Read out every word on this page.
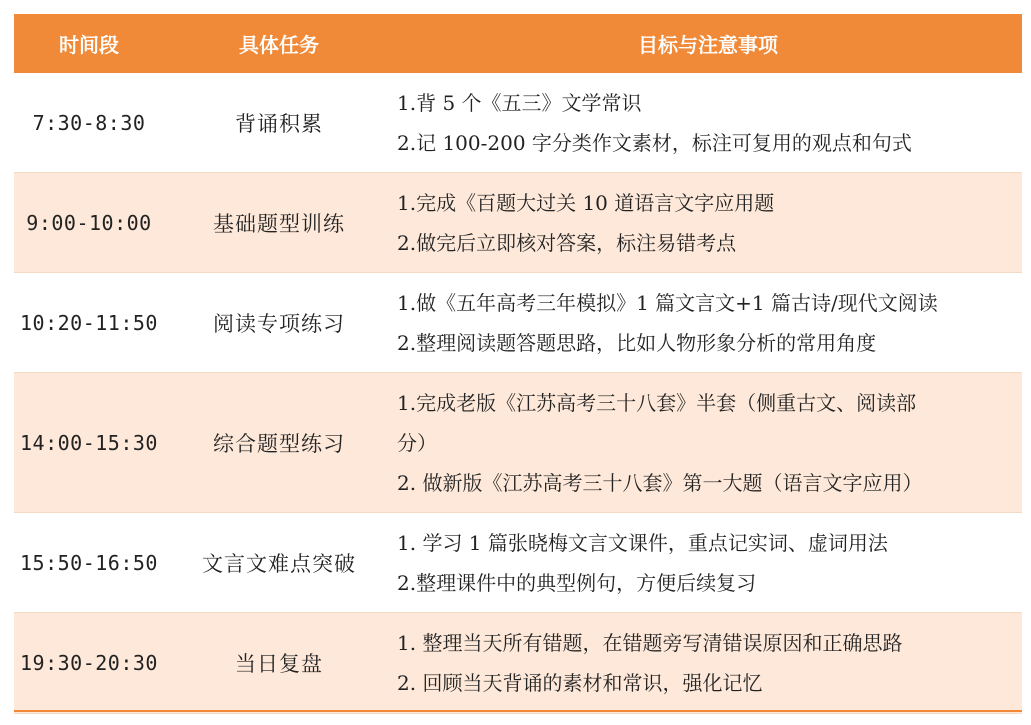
时间段	具体任务	目标与注意事项
7:30-8:30	背诵积累
1.背 5 个《五三》文学常识
2.记 100-200 字分类作文素材，标注可复用的观点和句式
9:00-10:00	基础题型训练
1.完成《百题大过关 10 道语言文字应用题
2.做完后立即核对答案，标注易错考点
10:20-11:50	阅读专项练习
1.做《五年高考三年模拟》1 篇文言文+1 篇古诗/现代文阅读
2.整理阅读题答题思路，比如人物形象分析的常用角度
14:00-15:30	综合题型练习
1.完成老版《江苏高考三十八套》半套（侧重古文、阅读部
分）
2. 做新版《江苏高考三十八套》第一大题（语言文字应用）
15:50-16:50	文言文难点突破
1. 学习 1 篇张晓梅文言文课件，重点记实词、虚词用法
2.整理课件中的典型例句，方便后续复习
19:30-20:30	当日复盘
1. 整理当天所有错题，在错题旁写清错误原因和正确思路
2. 回顾当天背诵的素材和常识，强化记忆
